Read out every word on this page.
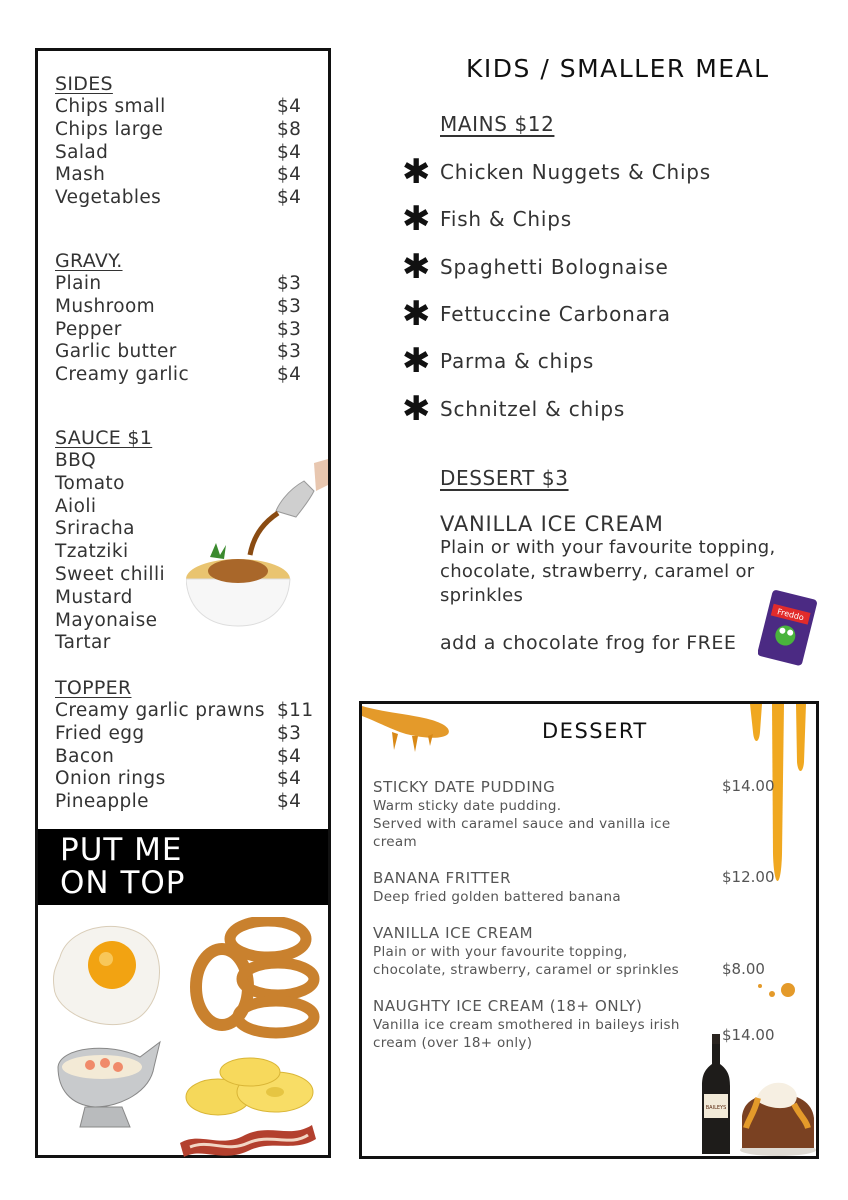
SIDES
Chips small	$4
Chips large	$8
Salad	$4
Mash	$4
Vegetables	$4
GRAVY.
Plain	$3
Mushroom	$3
Pepper	$3
Garlic butter	$3
Creamy garlic	$4
SAUCE $1
BBQ
Tomato
Aioli
Sriracha
Tzatziki
Sweet chilli
Mustard
Mayonaise
Tartar
TOPPER
Creamy garlic prawns $11
Fried egg	$3
Bacon	$4
Onion rings	$4
Pineapple	$4
PUT ME
ON TOP
KIDS / SMALLER MEAL
MAINS $12
✱ Chicken Nuggets & Chips
✱ Fish & Chips
✱ Spaghetti Bolognaise
✱ Fettuccine Carbonara
✱ Parma & chips
✱ Schnitzel & chips
DESSERT $3

VANILLA ICE CREAM

Plain or with your favourite topping,

chocolate, strawberry, caramel or

sprinkles

add a chocolate frog for FREE
Freddo
DESSERT
STICKY DATE PUDDING
Warm sticky date pudding.
Served with caramel sauce and vanilla ice
cream
$14.00
BANANA FRITTER
Deep fried golden battered banana
$12.00
VANILLA ICE CREAM
Plain or with your favourite topping,
chocolate, strawberry, caramel or sprinkles	$8.00
NAUGHTY ICE CREAM (18+ ONLY)
Vanilla ice cream smothered in baileys irish
cream (over 18+ only)	$14.00
BAILEYS
